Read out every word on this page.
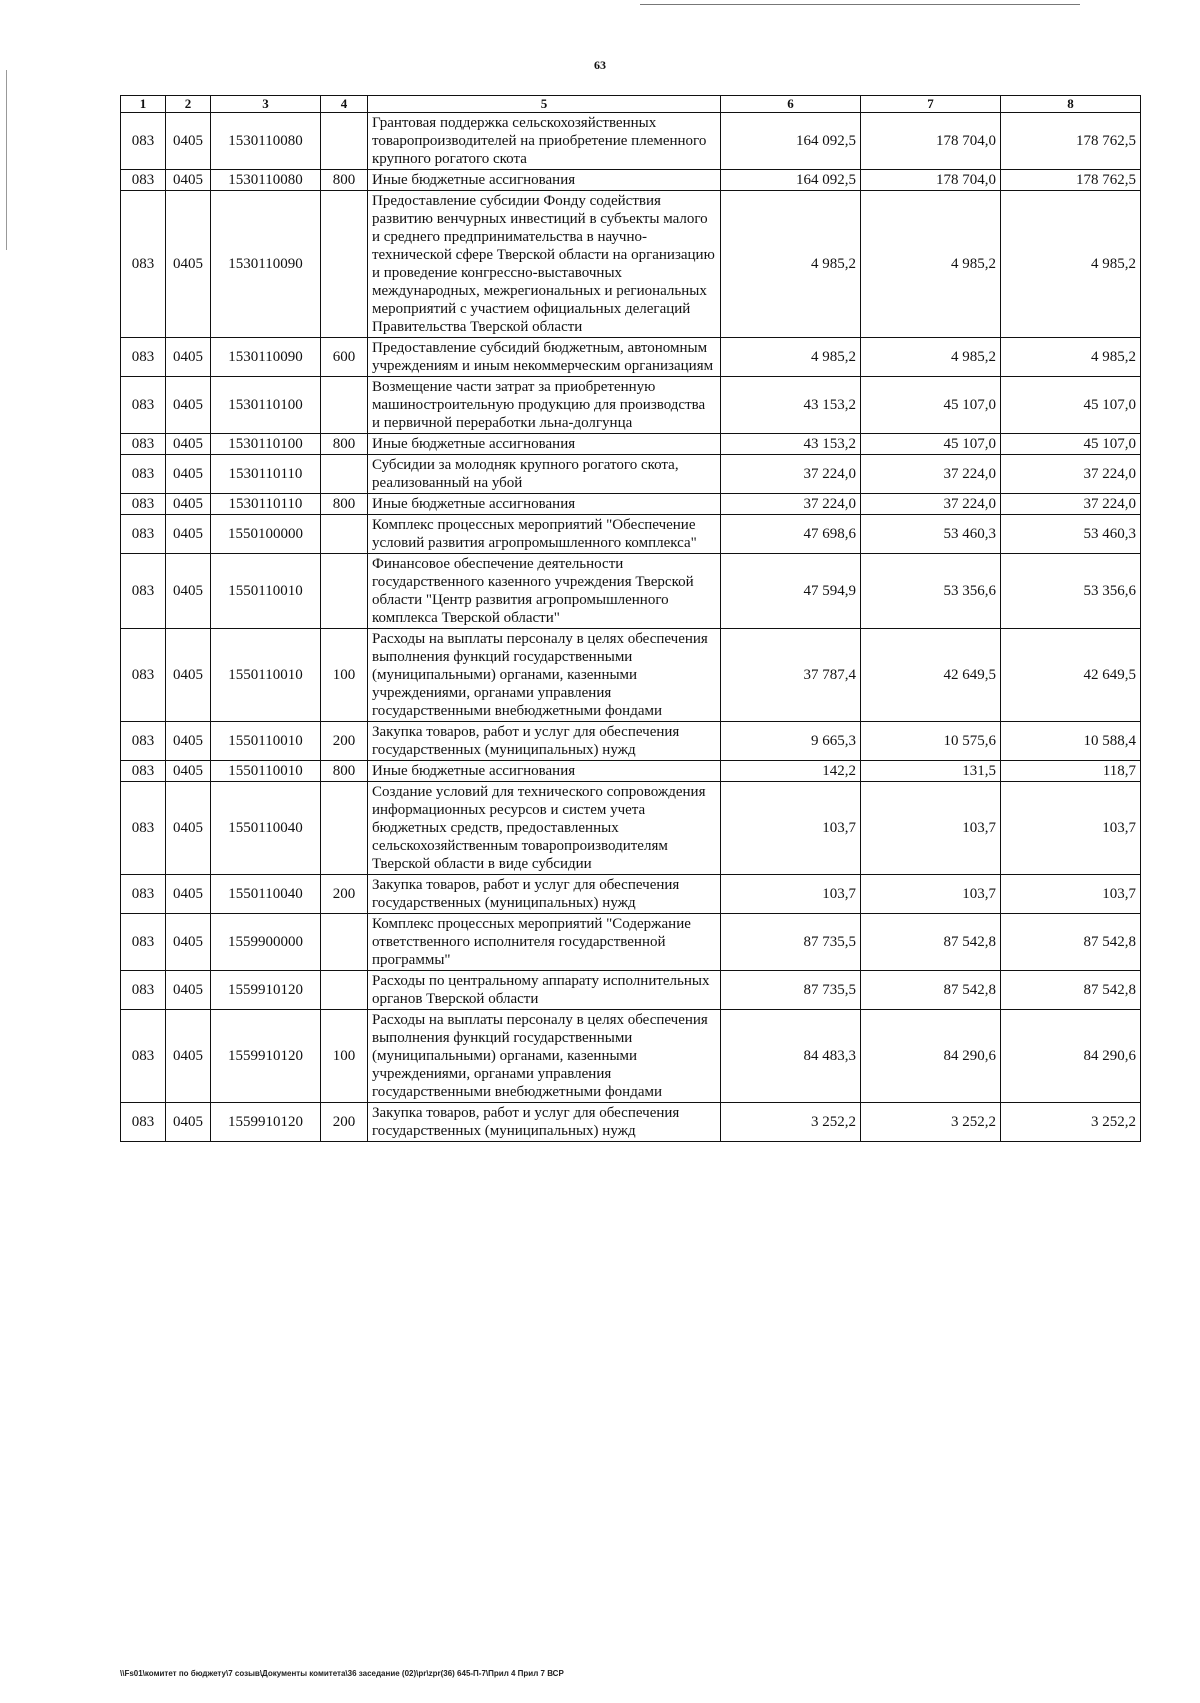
63
1	2	3	4	5	6	7	8
083	0405	1530110080		Грантовая поддержка сельскохозяйственных товаропроизводителей на приобретение племенного крупного рогатого скота	164 092,5	178 704,0	178 762,5
083	0405	1530110080	800	Иные бюджетные ассигнования	164 092,5	178 704,0	178 762,5
083	0405	1530110090		Предоставление субсидии Фонду содействия развитию венчурных инвестиций в субъекты малого и среднего предпринимательства в научно-технической сфере Тверской области на организацию и проведение конгрессно-выставочных международных, межрегиональных и региональных мероприятий с участием официальных делегаций Правительства Тверской области	4 985,2	4 985,2	4 985,2
083	0405	1530110090	600	Предоставление субсидий бюджетным, автономным учреждениям и иным некоммерческим организациям	4 985,2	4 985,2	4 985,2
083	0405	1530110100		Возмещение части затрат за приобретенную машиностроительную продукцию для производства и первичной переработки льна-долгунца	43 153,2	45 107,0	45 107,0
083	0405	1530110100	800	Иные бюджетные ассигнования	43 153,2	45 107,0	45 107,0
083	0405	1530110110		Субсидии за молодняк крупного рогатого скота, реализованный на убой	37 224,0	37 224,0	37 224,0
083	0405	1530110110	800	Иные бюджетные ассигнования	37 224,0	37 224,0	37 224,0
083	0405	1550100000		Комплекс процессных мероприятий "Обеспечение условий развития агропромышленного комплекса"	47 698,6	53 460,3	53 460,3
083	0405	1550110010		Финансовое обеспечение деятельности государственного казенного учреждения Тверской области "Центр развития агропромышленного комплекса Тверской области"	47 594,9	53 356,6	53 356,6
083	0405	1550110010	100	Расходы на выплаты персоналу в целях обеспечения выполнения функций государственными (муниципальными) органами, казенными учреждениями, органами управления государственными внебюджетными фондами	37 787,4	42 649,5	42 649,5
083	0405	1550110010	200	Закупка товаров, работ и услуг для обеспечения государственных (муниципальных) нужд	9 665,3	10 575,6	10 588,4
083	0405	1550110010	800	Иные бюджетные ассигнования	142,2	131,5	118,7
083	0405	1550110040		Создание условий для технического сопровождения информационных ресурсов и систем учета бюджетных средств, предоставленных сельскохозяйственным товаропроизводителям Тверской области в виде субсидии	103,7	103,7	103,7
083	0405	1550110040	200	Закупка товаров, работ и услуг для обеспечения государственных (муниципальных) нужд	103,7	103,7	103,7
083	0405	1559900000		Комплекс процессных мероприятий "Содержание ответственного исполнителя государственной программы"	87 735,5	87 542,8	87 542,8
083	0405	1559910120		Расходы по центральному аппарату исполнительных органов Тверской области	87 735,5	87 542,8	87 542,8
083	0405	1559910120	100	Расходы на выплаты персоналу в целях обеспечения выполнения функций государственными (муниципальными) органами, казенными учреждениями, органами управления государственными внебюджетными фондами	84 483,3	84 290,6	84 290,6
083	0405	1559910120	200	Закупка товаров, работ и услуг для обеспечения государственных (муниципальных) нужд	3 252,2	3 252,2	3 252,2
\\Fs01\комитет по бюджету\7 созыв\Документы комитета\36 заседание (02)\pr\zpr(36) 645-П-7\Прил 4 Прил 7 ВСР
